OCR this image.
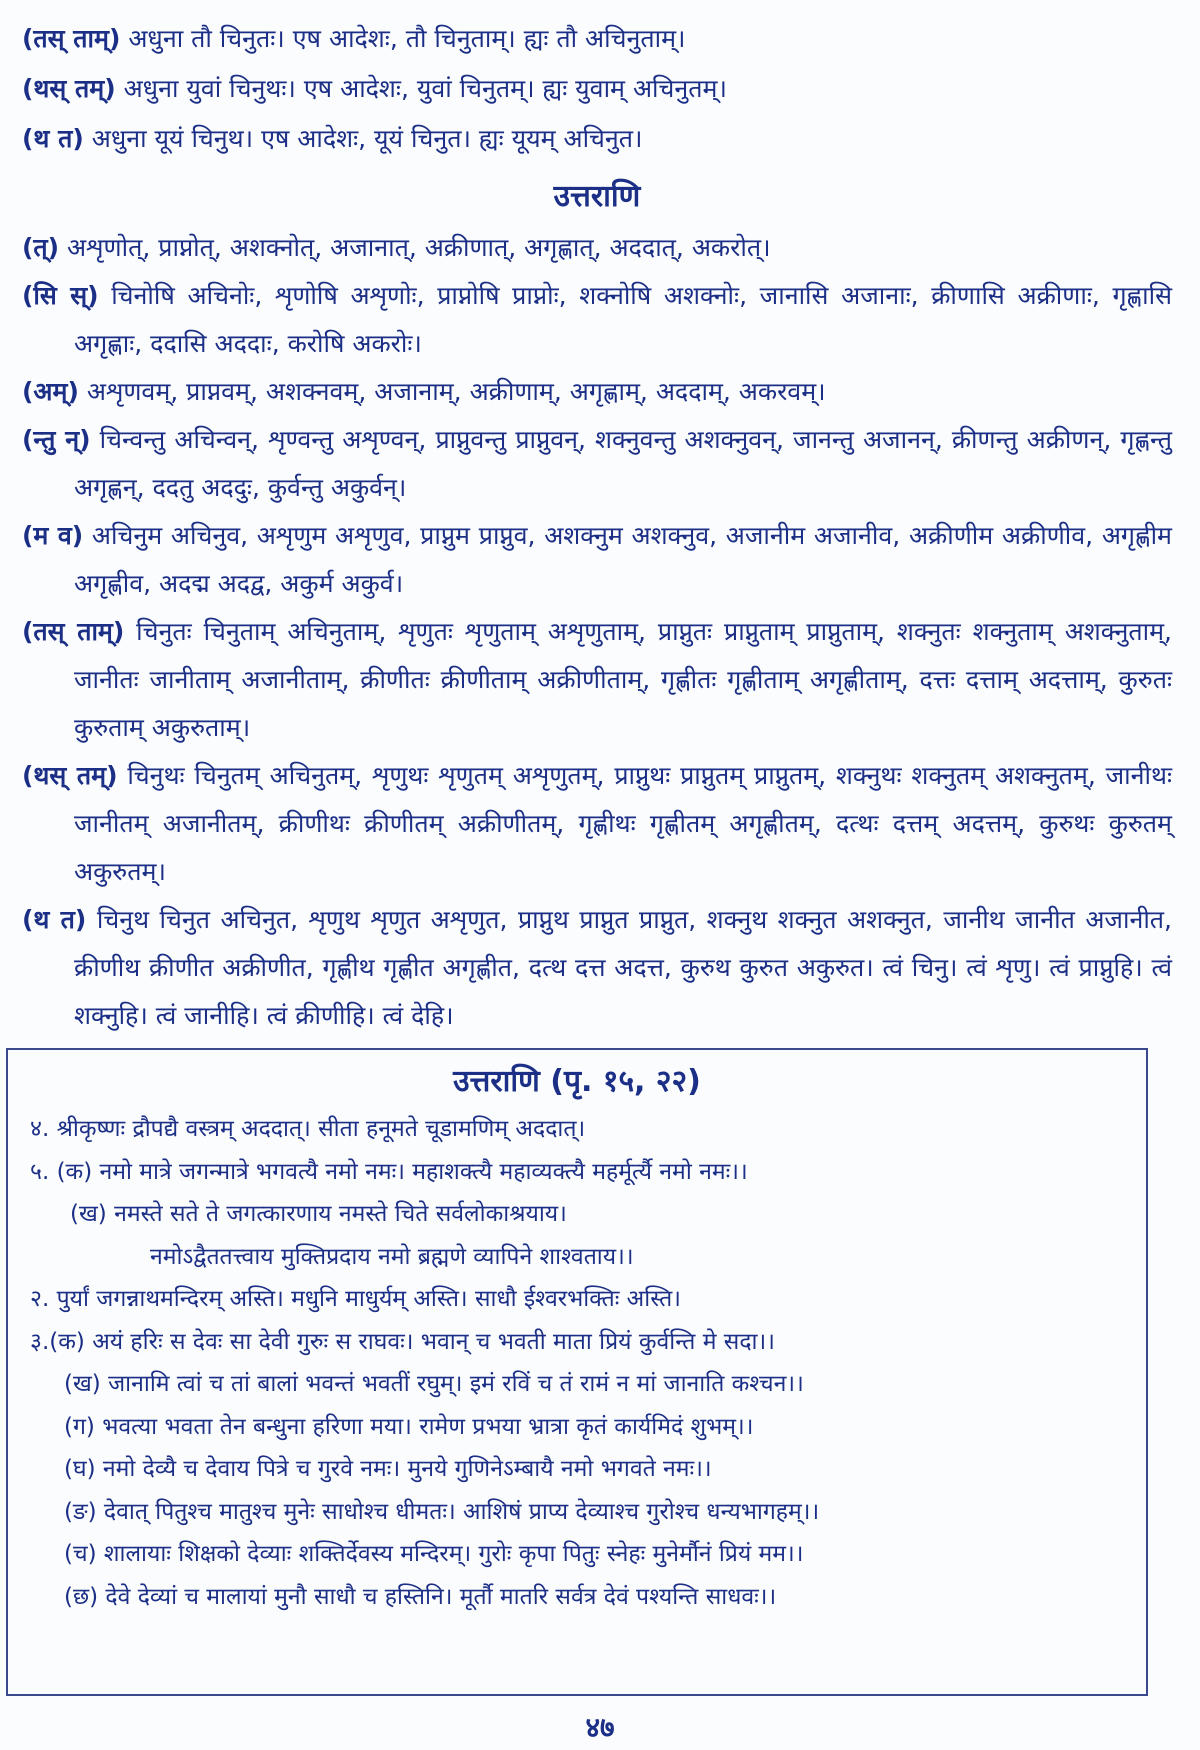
(तस् ताम्) अधुना तौ चिनुतः। एष आदेशः, तौ चिनुताम्। ह्यः तौ अचिनुताम्।
(थस् तम्) अधुना युवां चिनुथः। एष आदेशः, युवां चिनुतम्। ह्यः युवाम् अचिनुतम्।
(थ त) अधुना यूयं चिनुथ। एष आदेशः, यूयं चिनुत। ह्यः यूयम् अचिनुत।
उत्तराणि
(त्) अशृणोत्, प्राप्नोत्, अशक्नोत्, अजानात्, अक्रीणात्, अगृह्णात्, अददात्, अकरोत्।
(सि स्) चिनोषि अचिनोः, शृणोषि अशृणोः, प्राप्नोषि प्राप्नोः, शक्नोषि अशक्नोः, जानासि अजानाः, क्रीणासि अक्रीणाः, गृह्णासि अगृह्णाः, ददासि अददाः, करोषि अकरोः।
(अम्) अशृणवम्, प्राप्नवम्, अशक्नवम्, अजानाम्, अक्रीणाम्, अगृह्णाम्, अददाम्, अकरवम्।
(न्तु न्) चिन्वन्तु अचिन्वन्, शृण्वन्तु अशृण्वन्, प्राप्नुवन्तु प्राप्नुवन्, शक्नुवन्तु अशक्नुवन्, जानन्तु अजानन्, क्रीणन्तु अक्रीणन्, गृह्णन्तु अगृह्णन्, ददतु अददुः, कुर्वन्तु अकुर्वन्।
(म व) अचिनुम अचिनुव, अशृणुम अशृणुव, प्राप्नुम प्राप्नुव, अशक्नुम अशक्नुव, अजानीम अजानीव, अक्रीणीम अक्रीणीव, अगृह्णीम अगृह्णीव, अदद्म अदद्व, अकुर्म अकुर्व।
(तस् ताम्) चिनुतः चिनुताम् अचिनुताम्, शृणुतः शृणुताम् अशृणुताम्, प्राप्नुतः प्राप्नुताम् प्राप्नुताम्, शक्नुतः शक्नुताम् अशक्नुताम्, जानीतः जानीताम् अजानीताम्, क्रीणीतः क्रीणीताम् अक्रीणीताम्, गृह्णीतः गृह्णीताम् अगृह्णीताम्, दत्तः दत्ताम् अदत्ताम्, कुरुतः कुरुताम् अकुरुताम्।
(थस् तम्) चिनुथः चिनुतम् अचिनुतम्, शृणुथः शृणुतम् अशृणुतम्, प्राप्नुथः प्राप्नुतम् प्राप्नुतम्, शक्नुथः शक्नुतम् अशक्नुतम्, जानीथः जानीतम् अजानीतम्, क्रीणीथः क्रीणीतम् अक्रीणीतम्, गृह्णीथः गृह्णीतम् अगृह्णीतम्, दत्थः दत्तम् अदत्तम्, कुरुथः कुरुतम् अकुरुतम्।
(थ त) चिनुथ चिनुत अचिनुत, शृणुथ शृणुत अशृणुत, प्राप्नुथ प्राप्नुत प्राप्नुत, शक्नुथ शक्नुत अशक्नुत, जानीथ जानीत अजानीत, क्रीणीथ क्रीणीत अक्रीणीत, गृह्णीथ गृह्णीत अगृह्णीत, दत्थ दत्त अदत्त, कुरुथ कुरुत अकुरुत। त्वं चिनु। त्वं शृणु। त्वं प्राप्नुहि। त्वं शक्नुहि। त्वं जानीहि। त्वं क्रीणीहि। त्वं देहि।
उत्तराणि (पृ. १५, २२)
४. श्रीकृष्णः द्रौपद्यै वस्त्रम् अददात्। सीता हनूमते चूडामणिम् अददात्।
५. (क) नमो मात्रे जगन्मात्रे भगवत्यै नमो नमः। महाशक्त्यै महाव्यक्त्यै महर्मूर्त्यै नमो नमः।।
(ख) नमस्ते सते ते जगत्कारणाय नमस्ते चिते सर्वलोकाश्रयाय।
नमोऽद्वैततत्त्वाय मुक्तिप्रदाय नमो ब्रह्मणे व्यापिने शाश्वताय।।
२. पुर्यां जगन्नाथमन्दिरम् अस्ति। मधुनि माधुर्यम् अस्ति। साधौ ईश्वरभक्तिः अस्ति।
३.(क) अयं हरिः स देवः सा देवी गुरुः स राघवः। भवान् च भवती माता प्रियं कुर्वन्ति मे सदा।।
(ख) जानामि त्वां च तां बालां भवन्तं भवतीं रघुम्। इमं रविं च तं रामं न मां जानाति कश्चन।।
(ग) भवत्या भवता तेन बन्धुना हरिणा मया। रामेण प्रभया भ्रात्रा कृतं कार्यमिदं शुभम्।।
(घ) नमो देव्यै च देवाय पित्रे च गुरवे नमः। मुनये गुणिनेऽम्बायै नमो भगवते नमः।।
(ङ) देवात् पितुश्च मातुश्च मुनेः साधोश्च धीमतः। आशिषं प्राप्य देव्याश्च गुरोश्च धन्यभागहम्।।
(च) शालायाः शिक्षको देव्याः शक्तिर्देवस्य मन्दिरम्। गुरोः कृपा पितुः स्नेहः मुनेर्मौनं प्रियं मम।।
(छ) देवे देव्यां च मालायां मुनौ साधौ च हस्तिनि। मूर्तौ मातरि सर्वत्र देवं पश्यन्ति साधवः।।
४७
